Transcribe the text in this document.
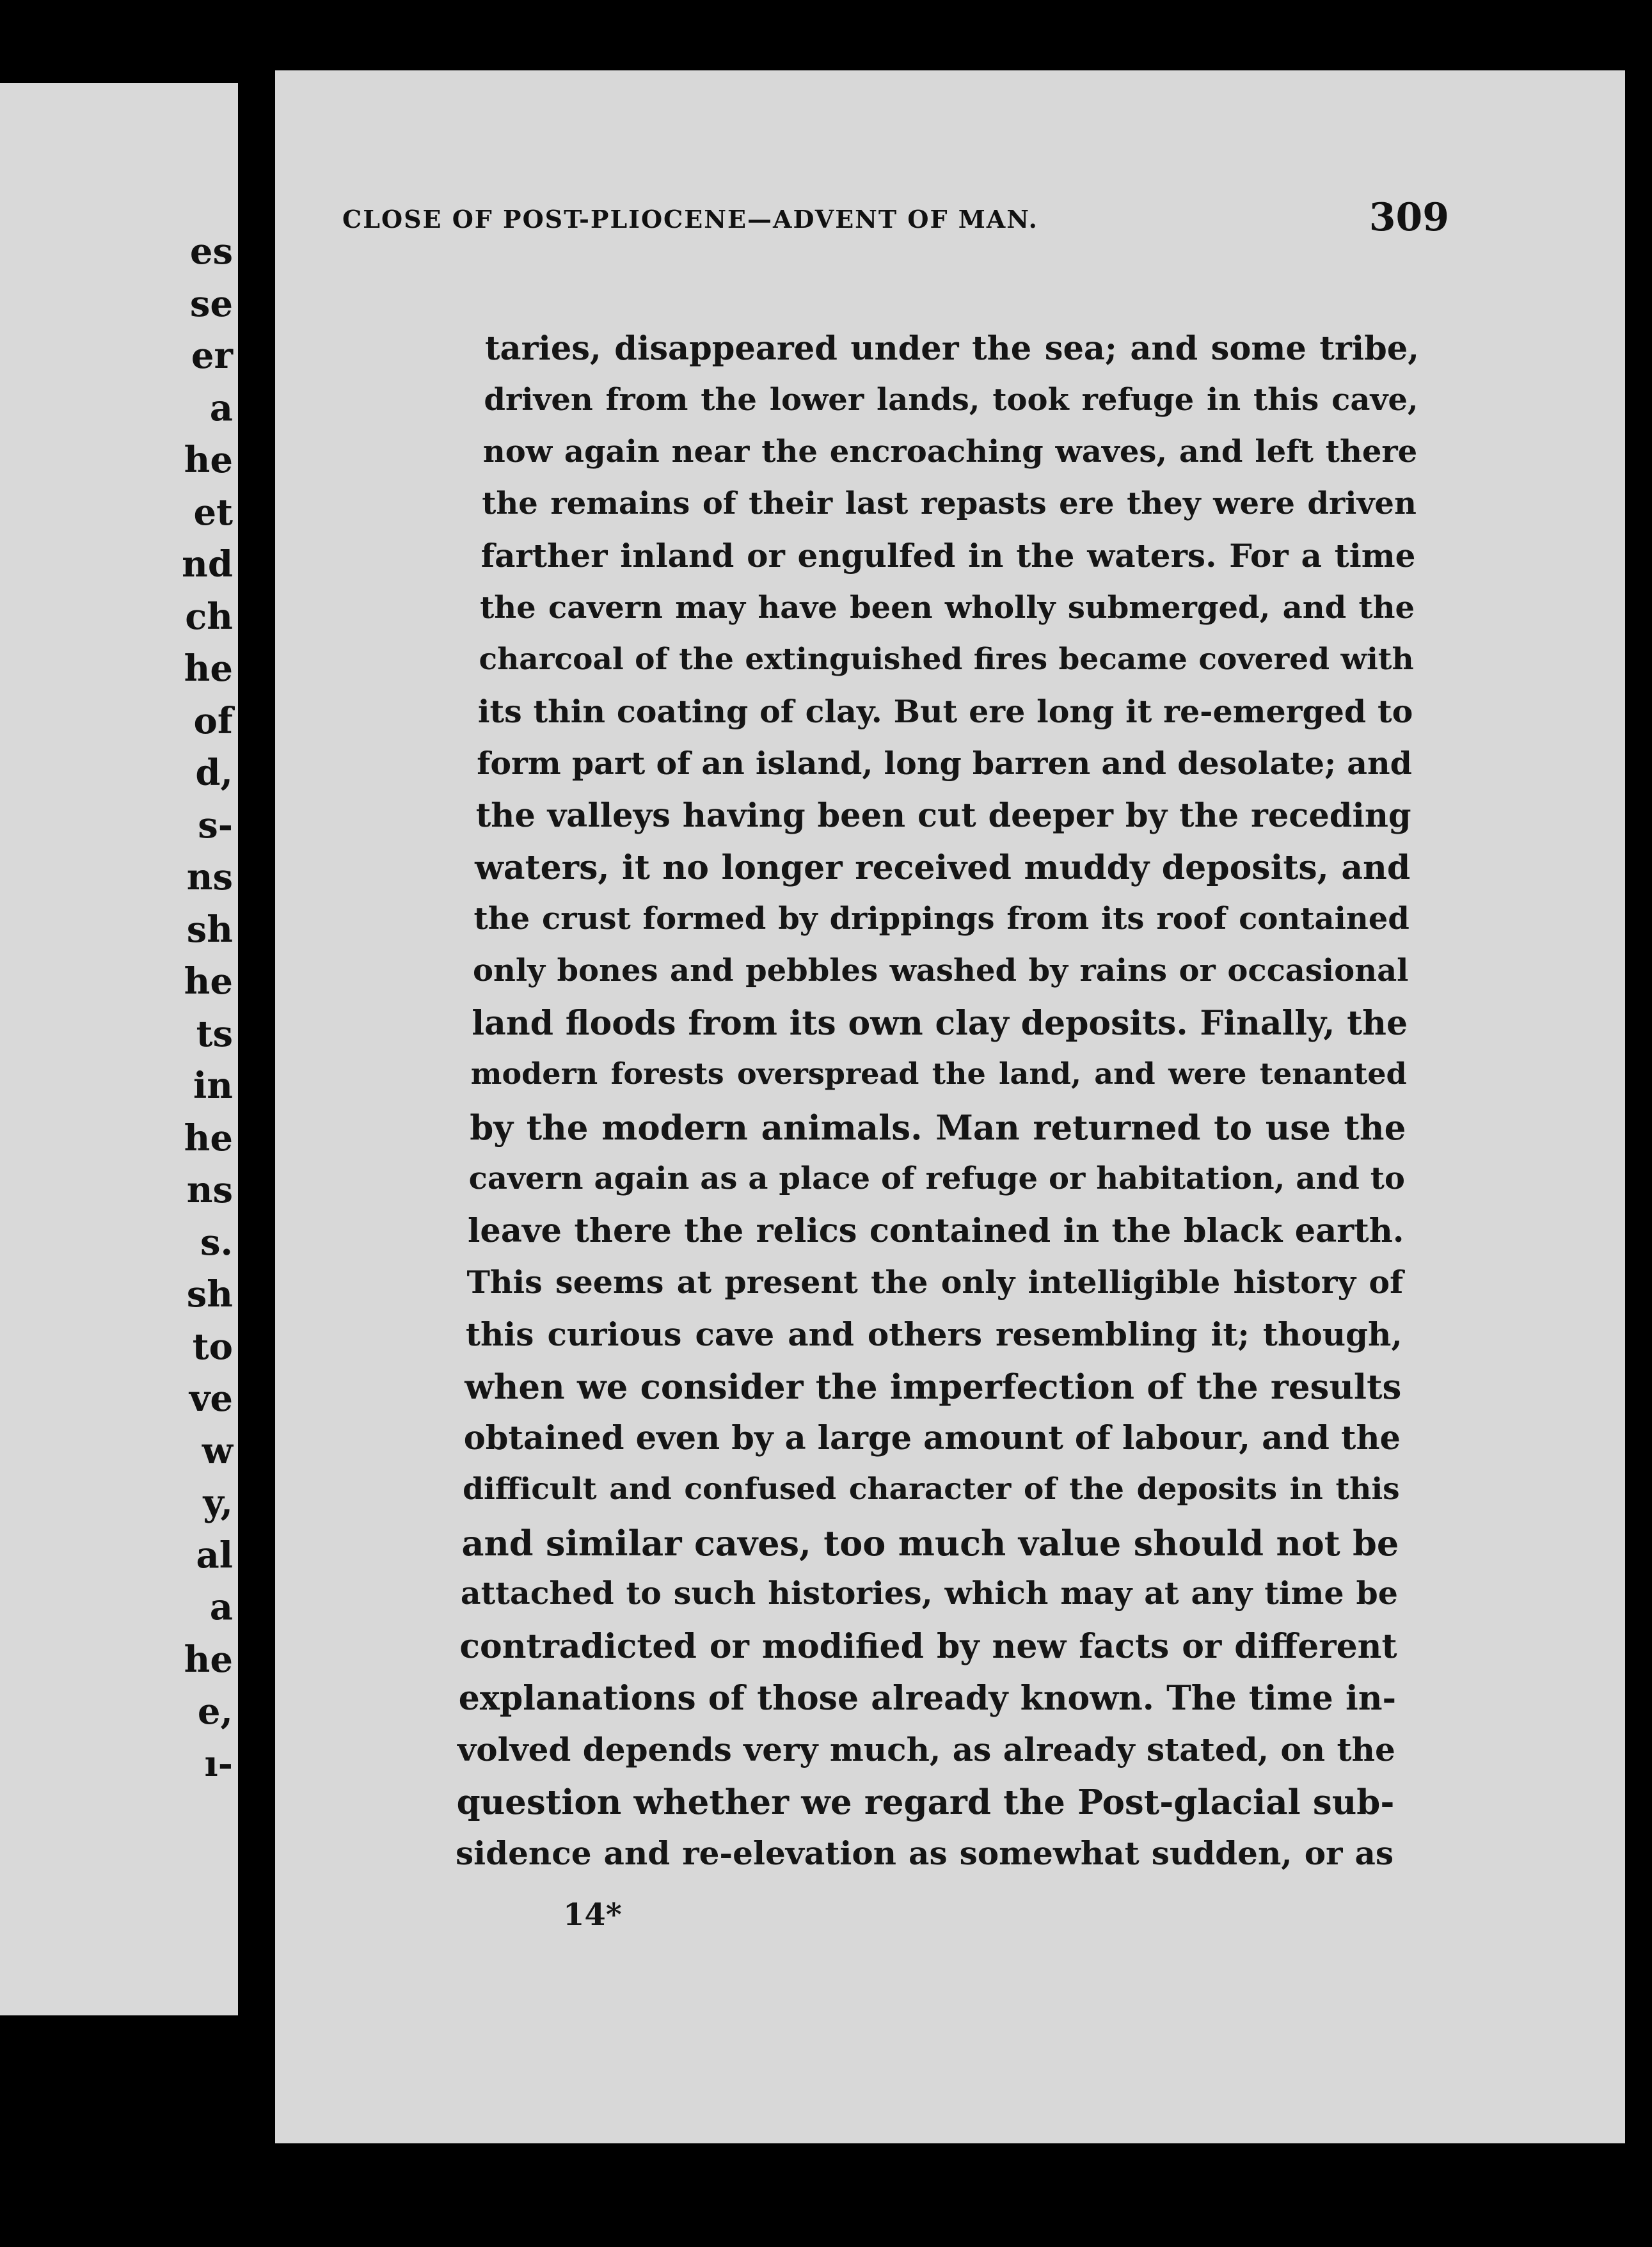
es
se
er
a
he
et
nd
ch
he
of
d,
s-
ns
sh
he
ts
in
he
ns
s.
sh
to
ve
w
y,
al
a
he
e,
ı-
CLOSE OF POST-PLIOCENE—ADVENT OF MAN.	309
taries, disappeared under the sea; and some tribe,
driven from the lower lands, took refuge in this cave,
now again near the encroaching waves, and left there
the remains of their last repasts ere they were driven
farther inland or engulfed in the waters. For a time
the cavern may have been wholly submerged, and the
charcoal of the extinguished fires became covered with
its thin coating of clay. But ere long it re-emerged to
form part of an island, long barren and desolate; and
the valleys having been cut deeper by the receding
waters, it no longer received muddy deposits, and
the crust formed by drippings from its roof contained
only bones and pebbles washed by rains or occasional
land floods from its own clay deposits. Finally, the
modern forests overspread the land, and were tenanted
by the modern animals. Man returned to use the
cavern again as a place of refuge or habitation, and to
leave there the relics contained in the black earth.
This seems at present the only intelligible history of
this curious cave and others resembling it; though,
when we consider the imperfection of the results
obtained even by a large amount of labour, and the
difficult and confused character of the deposits in this
and similar caves, too much value should not be
attached to such histories, which may at any time be
contradicted or modified by new facts or different
explanations of those already known. The time in-
volved depends very much, as already stated, on the
question whether we regard the Post-glacial sub-
sidence and re-elevation as somewhat sudden, or as
14*
